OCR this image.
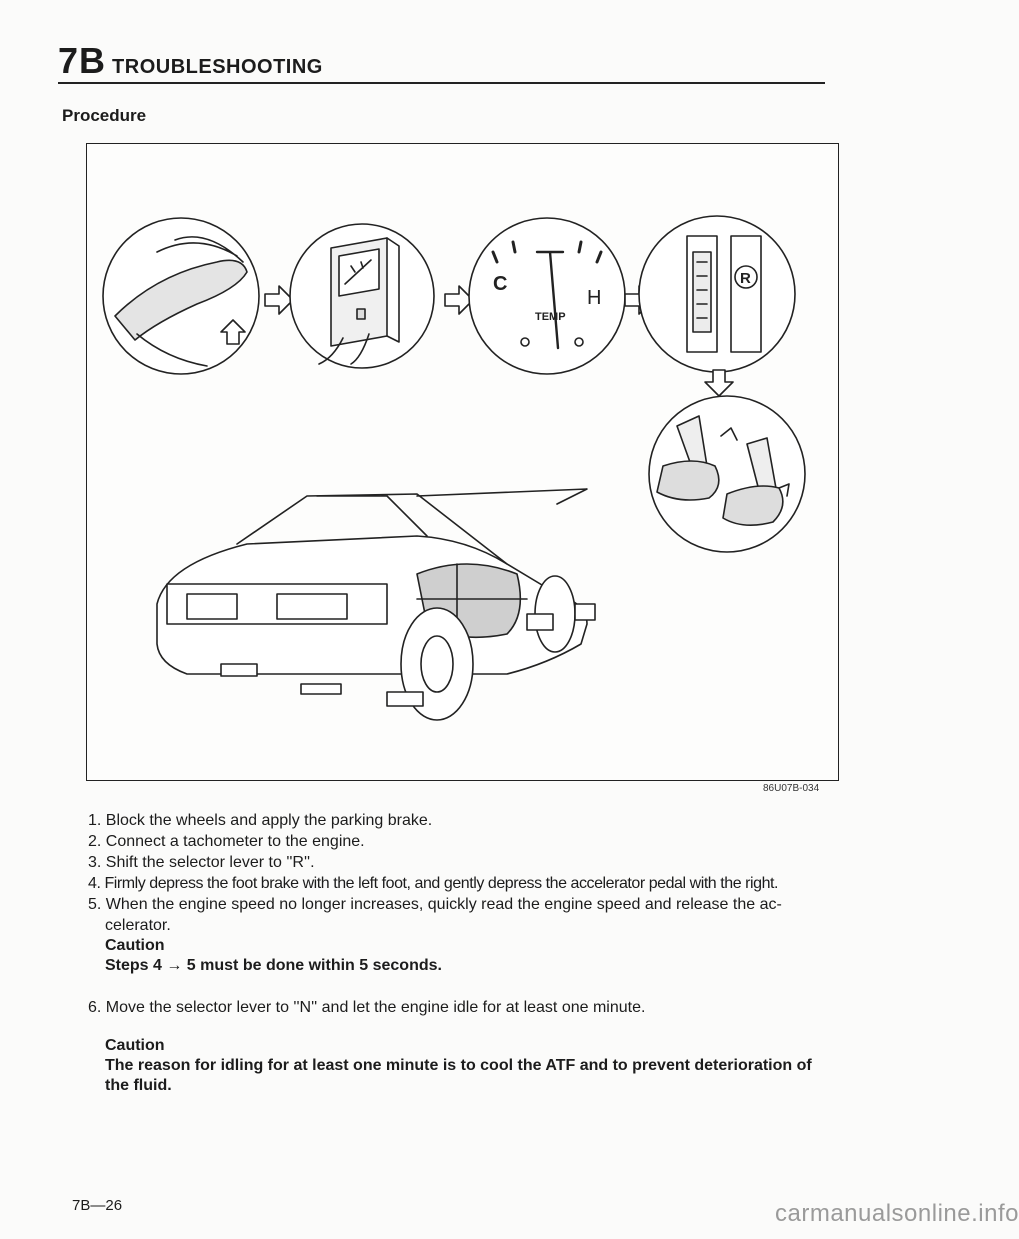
7B TROUBLESHOOTING
Procedure
C
H
TEMP
R
86U07B-034
1. Block the wheels and apply the parking brake.
2. Connect a tachometer to the engine.
3. Shift the selector lever to ''R''.
4. Firmly depress the foot brake with the left foot, and gently depress the accelerator pedal with the right.
5. When the engine speed no longer increases, quickly read the engine speed and release the ac-
celerator.
Caution
Steps 4 → 5 must be done within 5 seconds.
6. Move the selector lever to ''N'' and let the engine idle for at least one minute.
Caution
The reason for idling for at least one minute is to cool the ATF and to prevent deterioration of the fluid.
7B—26	carmanualsonline.info
